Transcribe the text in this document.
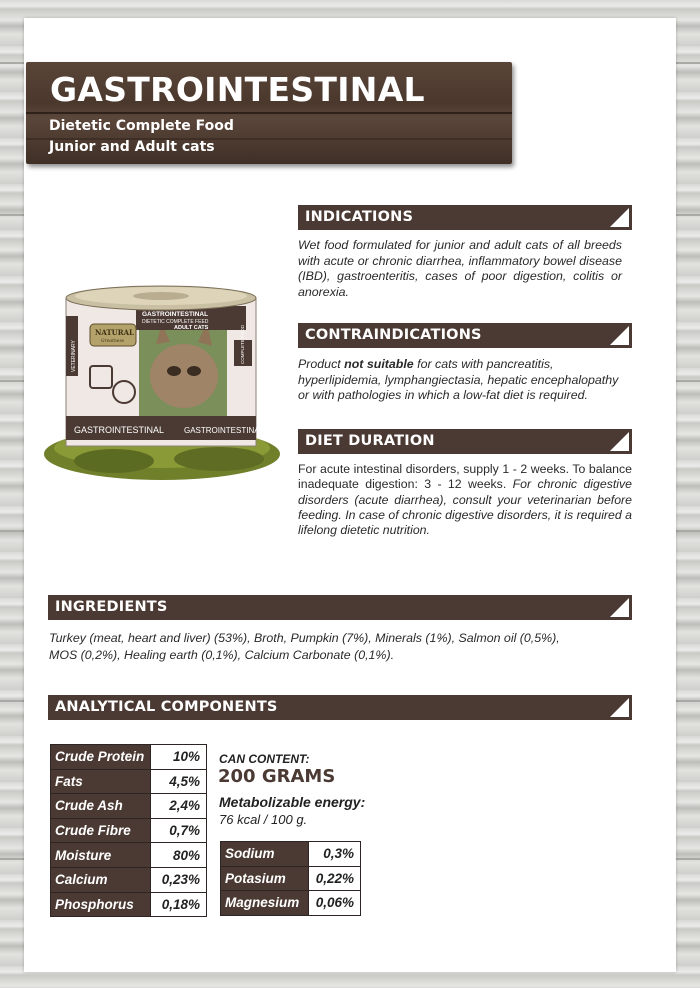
GASTROINTESTINAL
Dietetic Complete Food
Junior and Adult cats
GASTROINTESTINAL GASTROINTESTINAL
GASTROINTESTINAL
DIETETIC COMPLETE FEED
ADULT CATS
NATURAL
Greatness
VETERINARY	COMPLETE FOOD
INDICATIONS
Wet food formulated for junior and adult cats of all breeds with acute or chronic diarrhea, inflammatory bowel disease (IBD), gastroenteritis, cases of poor digestion, colitis or anorexia.
CONTRAINDICATIONS
Product not suitable for cats with pancreatitis, hyperlipidemia, lymphangiectasia, hepatic encephalopathy or with pathologies in which a low-fat diet is required.
DIET DURATION
For acute intestinal disorders, supply 1 - 2 weeks. To balance inadequate digestion: 3 - 12 weeks. For chronic digestive disorders (acute diarrhea), consult your veterinarian before feeding. In case of chronic digestive disorders, it is required a lifelong dietetic nutrition.
INGREDIENTS
Turkey (meat, heart and liver) (53%), Broth, Pumpkin (7%), Minerals (1%), Salmon oil (0,5%),
MOS (0,2%), Healing earth (0,1%), Calcium Carbonate (0,1%).
ANALYTICAL COMPONENTS
Crude Protein	10%
Fats	4,5%
Crude Ash	2,4%
Crude Fibre	0,7%
Moisture	80%
Calcium	0,23%
Phosphorus	0,18%
CAN CONTENT:
200 GRAMS
Metabolizable energy:
76 kcal / 100 g.
Sodium	0,3%
Potasium	0,22%
Magnesium	0,06%
